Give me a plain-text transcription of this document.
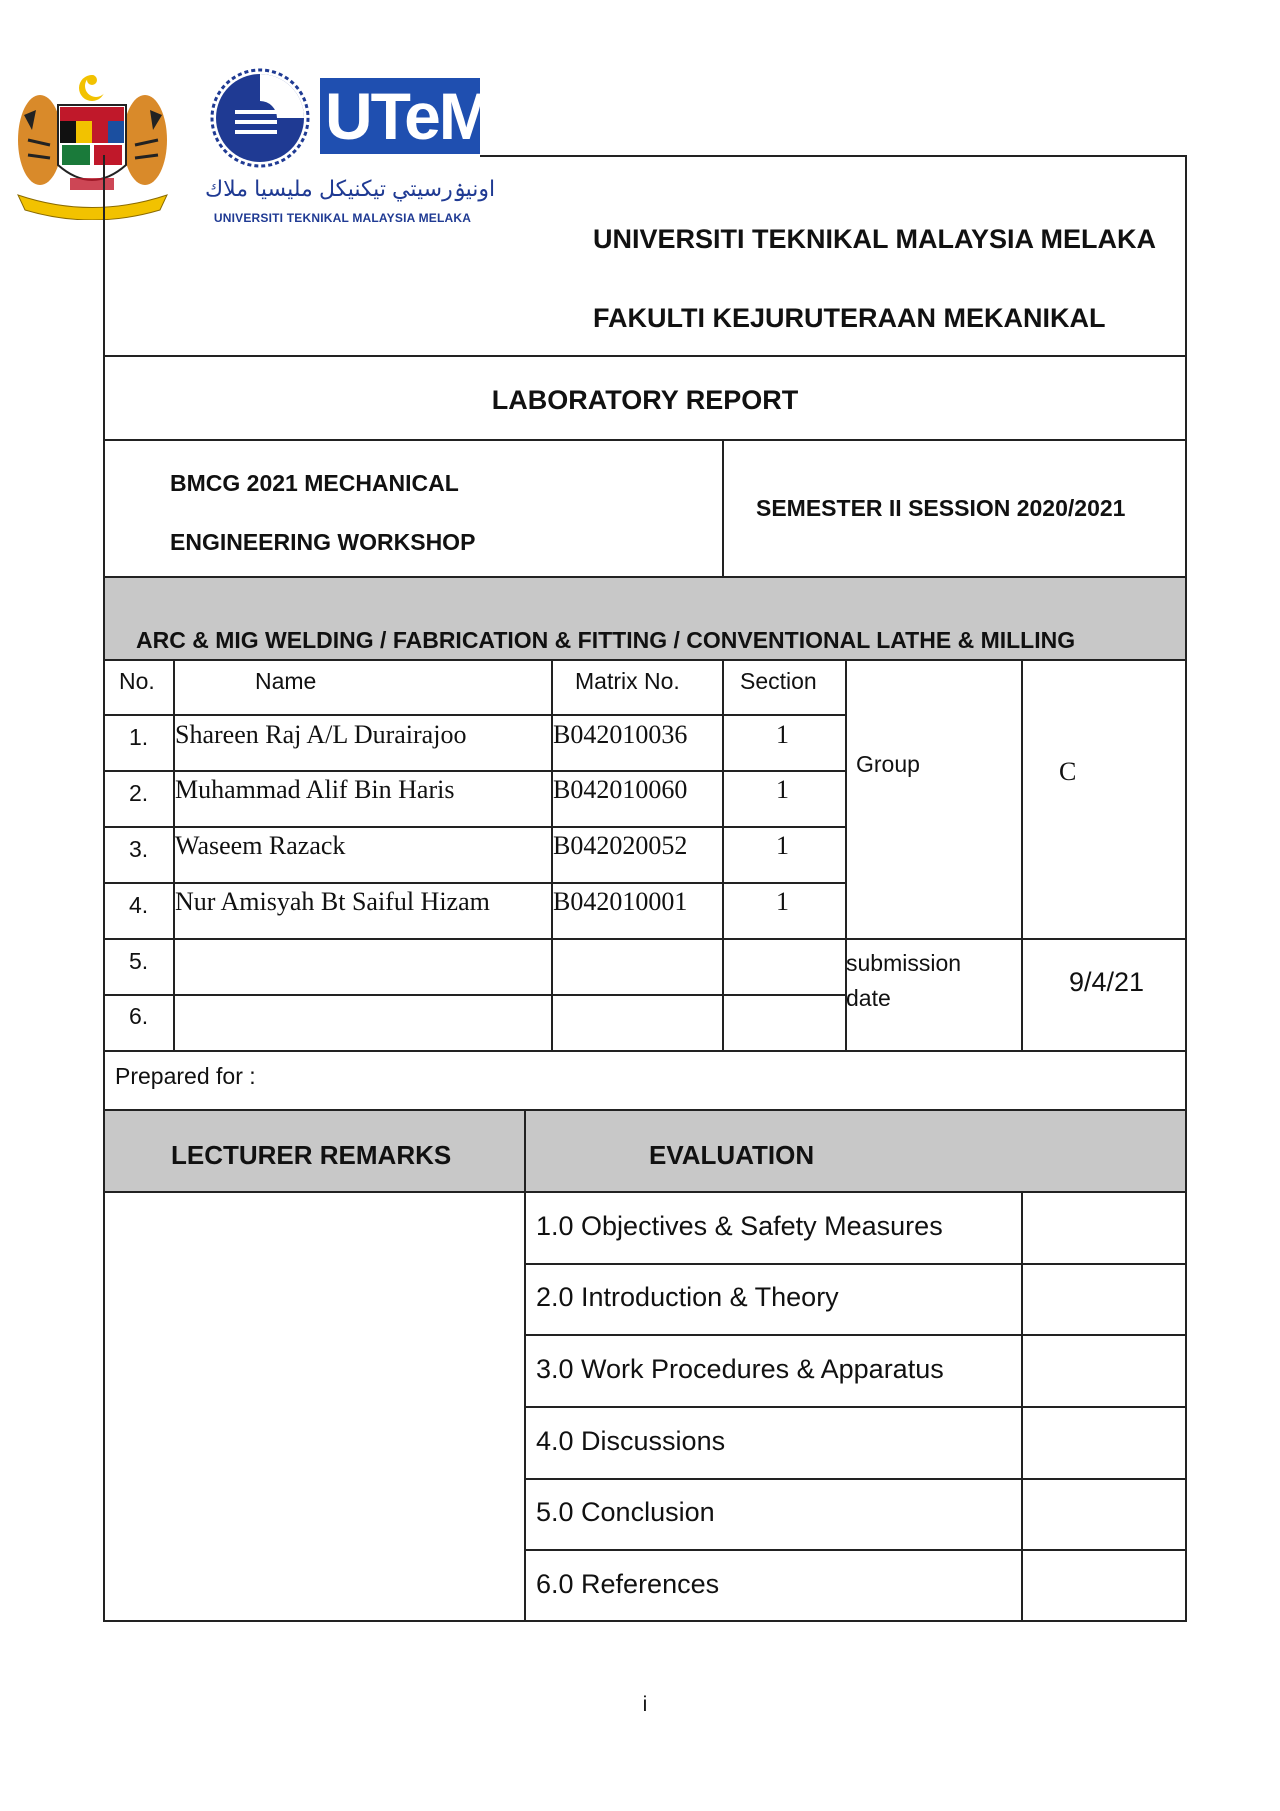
UTeM
اونيۏرسيتي تيكنيكل مليسيا ملاك
UNIVERSITI TEKNIKAL MALAYSIA MELAKA
UNIVERSITI TEKNIKAL MALAYSIA MELAKA
FAKULTI KEJURUTERAAN MEKANIKAL
LABORATORY REPORT
BMCG 2021 MECHANICAL
ENGINEERING WORKSHOP
SEMESTER II SESSION 2020/2021
ARC & MIG WELDING / FABRICATION & FITTING / CONVENTIONAL LATHE & MILLING
No.	Name	Matrix No.	Section
1. Shareen Raj A/L Durairajoo	B042010036	1
2. Muhammad Alif Bin Haris	B042010060	1
3. Waseem Razack	B042020052	1
4. Nur Amisyah Bt Saiful Hizam B042010001	1
5.
6.
Group	C
submission
date
9/4/21
Prepared for :
LECTURER REMARKS	EVALUATION
1.0 Objectives & Safety Measures
2.0 Introduction & Theory
3.0 Work Procedures & Apparatus
4.0 Discussions
5.0 Conclusion
6.0 References
i
